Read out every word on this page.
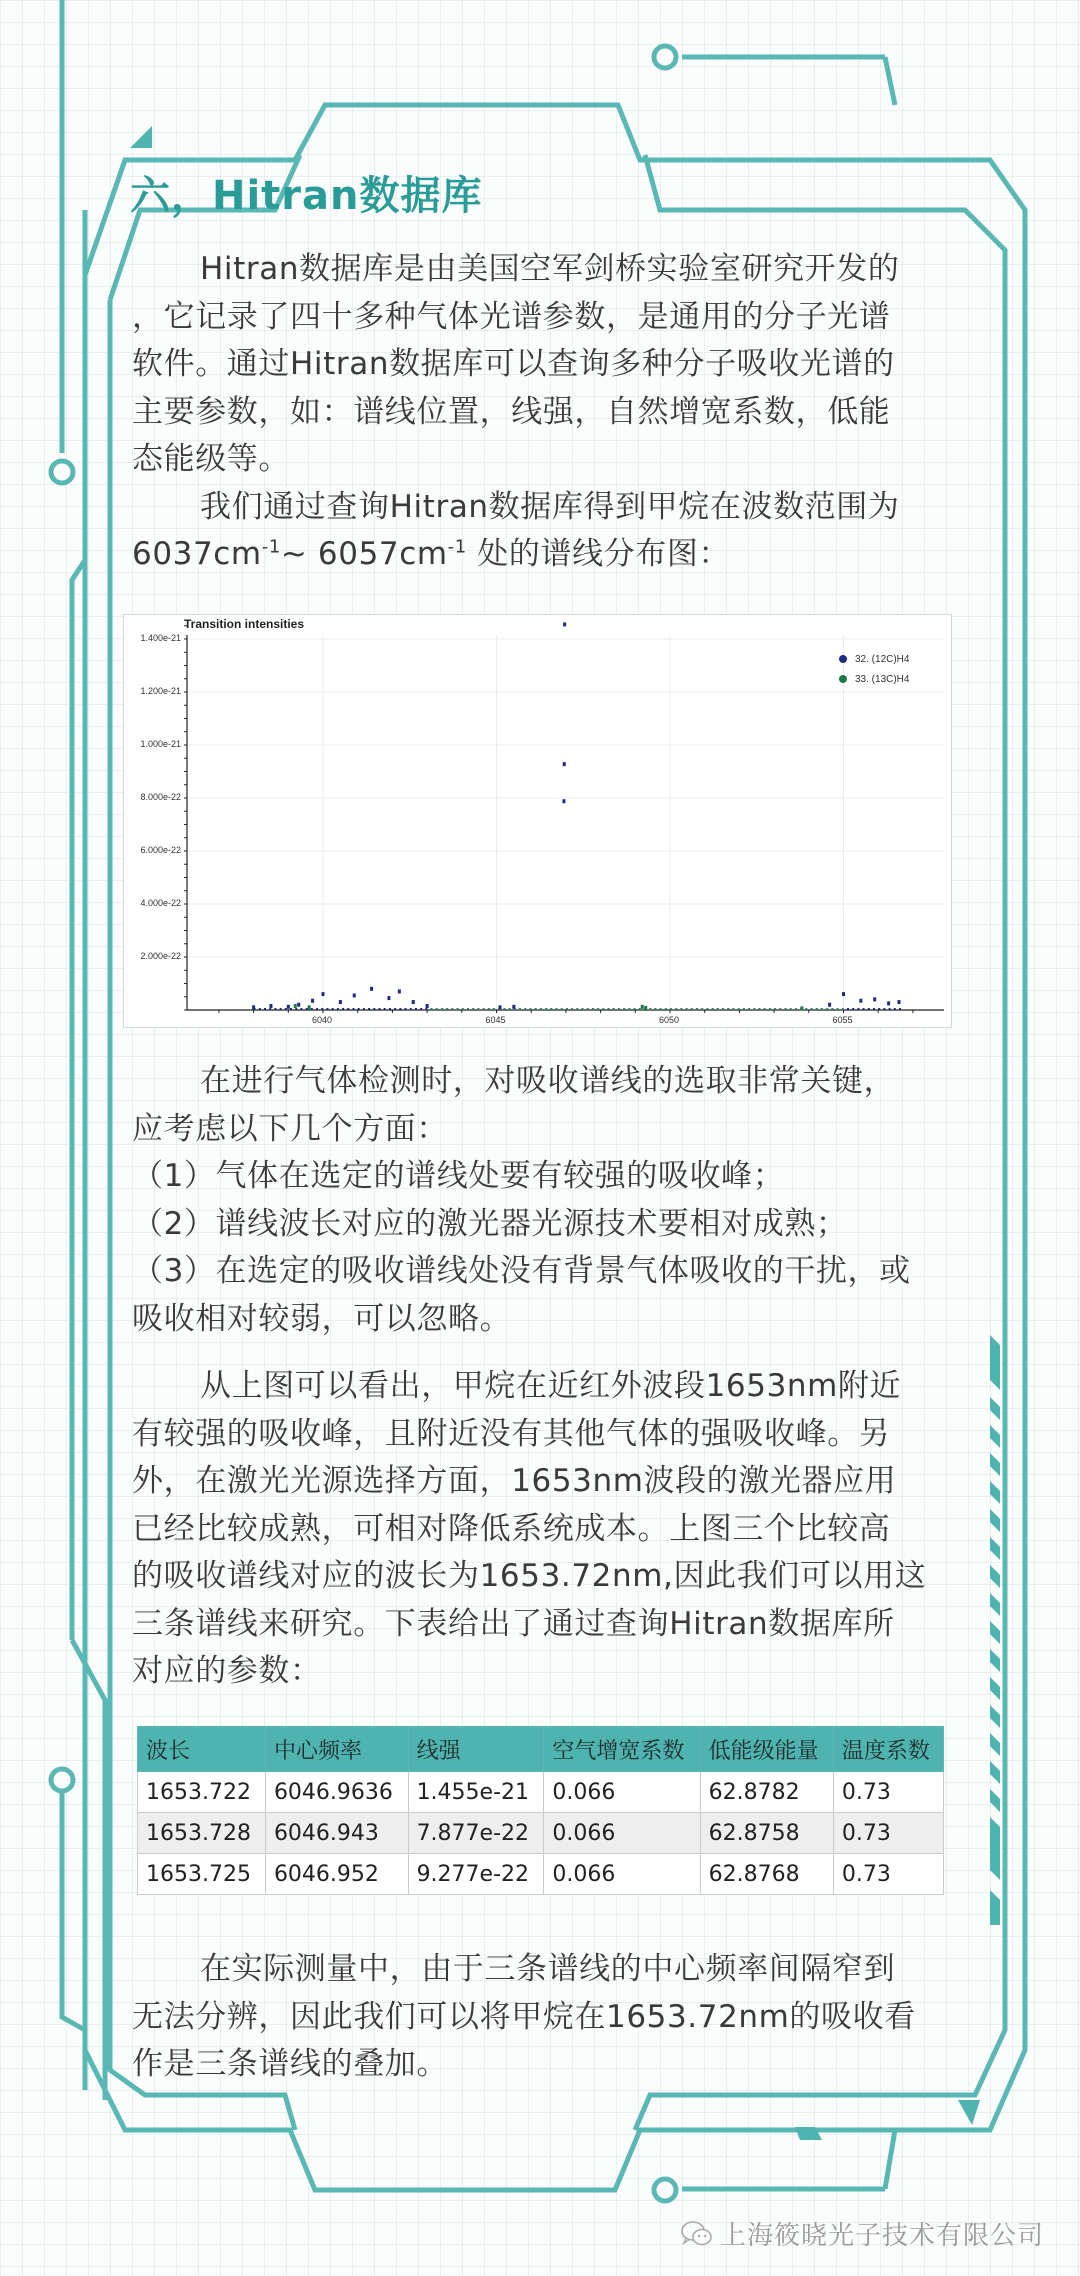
六，Hitran数据库
Hitran数据库是由美国空军剑桥实验室研究开发的
，它记录了四十多种气体光谱参数，是通用的分子光谱
软件。通过Hitran数据库可以查询多种分子吸收光谱的
主要参数，如：谱线位置，线强，自然增宽系数，低能
态能级等。
我们通过查询Hitran数据库得到甲烷在波数范围为
$6037cm^{-1}\sim$ $6057cm^{-1}$ 处的谱线分布图：
Transition intensities
2.000e-22
4.000e-22
6.000e-22
8.000e-22
1.000e-21
1.200e-21
1.400e-21
6040	6045	6050	6055
32. (12C)H4
33. (13C)H4
在进行气体检测时，对吸收谱线的选取非常关键，
应考虑以下几个方面：
（1）气体在选定的谱线处要有较强的吸收峰；
（2）谱线波长对应的激光器光源技术要相对成熟；
（3）在选定的吸收谱线处没有背景气体吸收的干扰，或
吸收相对较弱，可以忽略。
从上图可以看出，甲烷在近红外波段1653nm附近
有较强的吸收峰，且附近没有其他气体的强吸收峰。另
外，在激光光源选择方面，1653nm波段的激光器应用
已经比较成熟，可相对降低系统成本。上图三个比较高
的吸收谱线对应的波长为1653.72nm,因此我们可以用这
三条谱线来研究。下表给出了通过查询Hitran数据库所
对应的参数：
波长	中心频率	线强	空气增宽系数	低能级能量	温度系数
1653.722	6046.9636	1.455e-21	0.066	62.8782	0.73
1653.728	6046.943	7.877e-22	0.066	62.8758	0.73
1653.725	6046.952	9.277e-22	0.066	62.8768	0.73
在实际测量中，由于三条谱线的中心频率间隔窄到
无法分辨，因此我们可以将甲烷在1653.72nm的吸收看
作是三条谱线的叠加。
上海筱晓光子技术有限公司
